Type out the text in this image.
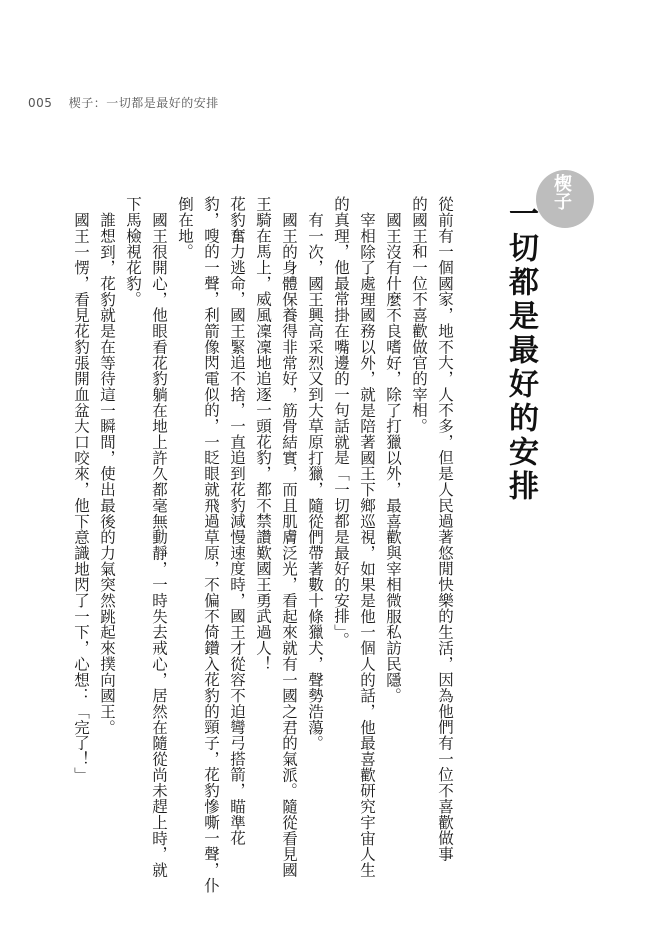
005 楔子：一切都是最好的安排
楔子
一切都是最好的安排
從前有一個國家，地不大，人不多，但是人民過著悠閒快樂的生活，因為他們有一位不喜歡做事
的國王和一位不喜歡做官的宰相。
國王沒有什麼不良嗜好，除了打獵以外，最喜歡與宰相微服私訪民隱。
宰相除了處理國務以外，就是陪著國王下鄉巡視，如果是他一個人的話，他最喜歡研究宇宙人生
的真理，他最常掛在嘴邊的一句話就是「一切都是最好的安排」。
有一次，國王興高采烈又到大草原打獵，隨從們帶著數十條獵犬，聲勢浩蕩。
國王的身體保養得非常好，筋骨結實，而且肌膚泛光，看起來就有一國之君的氣派。隨從看見國
王騎在馬上，威風凜凜地追逐一頭花豹，都不禁讚歎國王勇武過人！
花豹奮力逃命，國王緊追不捨，一直追到花豹減慢速度時，國王才從容不迫彎弓搭箭，瞄準花
豹，嗖的一聲，利箭像閃電似的，一眨眼就飛過草原，不偏不倚鑽入花豹的頸子，花豹慘嘶一聲，仆
倒在地。
國王很開心，他眼看花豹躺在地上許久都毫無動靜，一時失去戒心，居然在隨從尚未趕上時，就
下馬檢視花豹。
誰想到，花豹就是在等待這一瞬間，使出最後的力氣突然跳起來撲向國王。
國王一愣，看見花豹張開血盆大口咬來，他下意識地閃了一下，心想：「完了！」
